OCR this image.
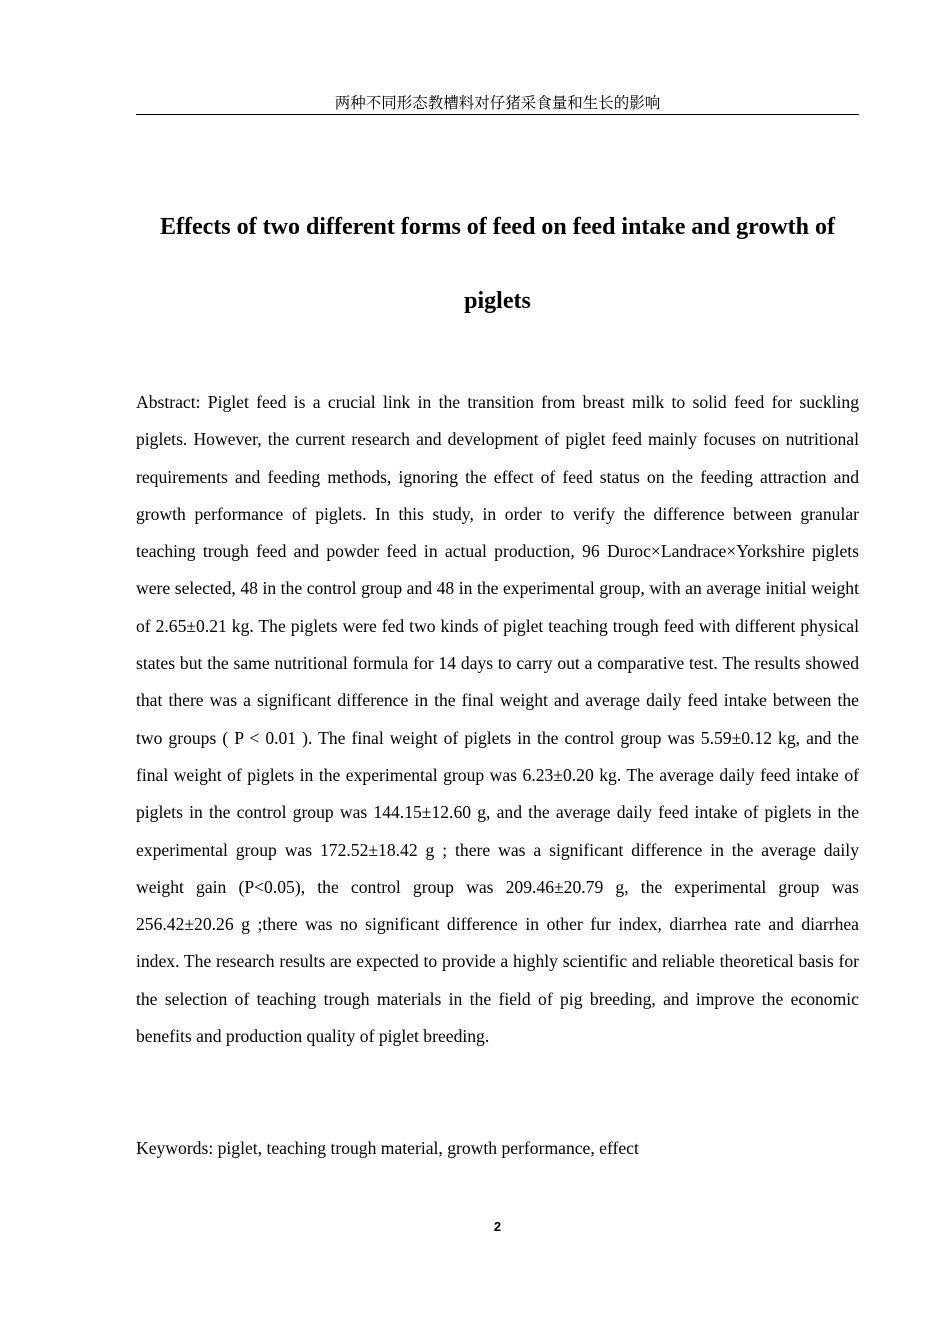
两种不同形态教槽料对仔猪采食量和生长的影响
Effects of two different forms of feed on feed intake and growth of
piglets

Abstract: Piglet feed is a crucial link in the transition from breast milk to solid feed for suckling piglets. However, the current research and development of piglet feed mainly focuses on nutritional requirements and feeding methods, ignoring the effect of feed status on the feeding attraction and growth performance of piglets. In this study, in order to verify the difference between granular teaching trough feed and powder feed in actual production, 96 Duroc×Landrace×Yorkshire piglets were selected, 48 in the control group and 48 in the experimental group, with an average initial weight of 2.65±0.21 kg. The piglets were fed two kinds of piglet teaching trough feed with different physical states but the same nutritional formula for 14 days to carry out a comparative test. The results showed that there was a significant difference in the final weight and average daily feed intake between the two groups ( P < 0.01 ). The final weight of piglets in the control group was 5.59±0.12 kg, and the final weight of piglets in the experimental group was 6.23±0.20 kg. The average daily feed intake of piglets in the control group was 144.15±12.60 g, and the average daily feed intake of piglets in the experimental group was 172.52±18.42 g ; there was a significant difference in the average daily weight gain (P<0.05), the control group was 209.46±20.79 g, the experimental group was 256.42±20.26 g ;there was no significant difference in other fur index, diarrhea rate and diarrhea index. The research results are expected to provide a highly scientific and reliable theoretical basis for the selection of teaching trough materials in the field of pig breeding, and improve the economic benefits and production quality of piglet breeding.

Keywords: piglet, teaching trough material, growth performance, effect
2
